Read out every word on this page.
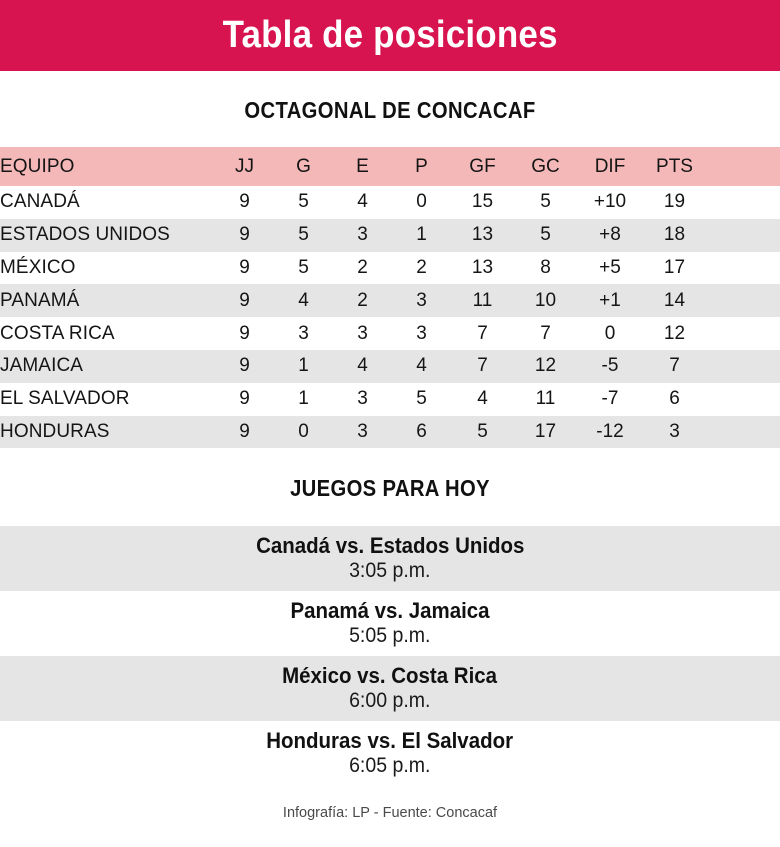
Tabla de posiciones
OCTAGONAL DE CONCACAF
EQUIPO	JJ	G	E	P	GF	GC	DIF	PTS	
CANADÁ	9	5	4	0	15	5	+10	19	
ESTADOS UNIDOS	9	5	3	1	13	5	+8	18	
MÉXICO	9	5	2	2	13	8	+5	17	
PANAMÁ	9	4	2	3	11	10	+1	14	
COSTA RICA	9	3	3	3	7	7	0	12	
JAMAICA	9	1	4	4	7	12	-5	7	
EL SALVADOR	9	1	3	5	4	11	-7	6	
HONDURAS	9	0	3	6	5	17	-12	3	
JUEGOS PARA HOY
Canadá vs. Estados Unidos
3:05 p.m.
Panamá vs. Jamaica
5:05 p.m.
México vs. Costa Rica
6:00 p.m.
Honduras vs. El Salvador
6:05 p.m.
Infografía: LP - Fuente: Concacaf
